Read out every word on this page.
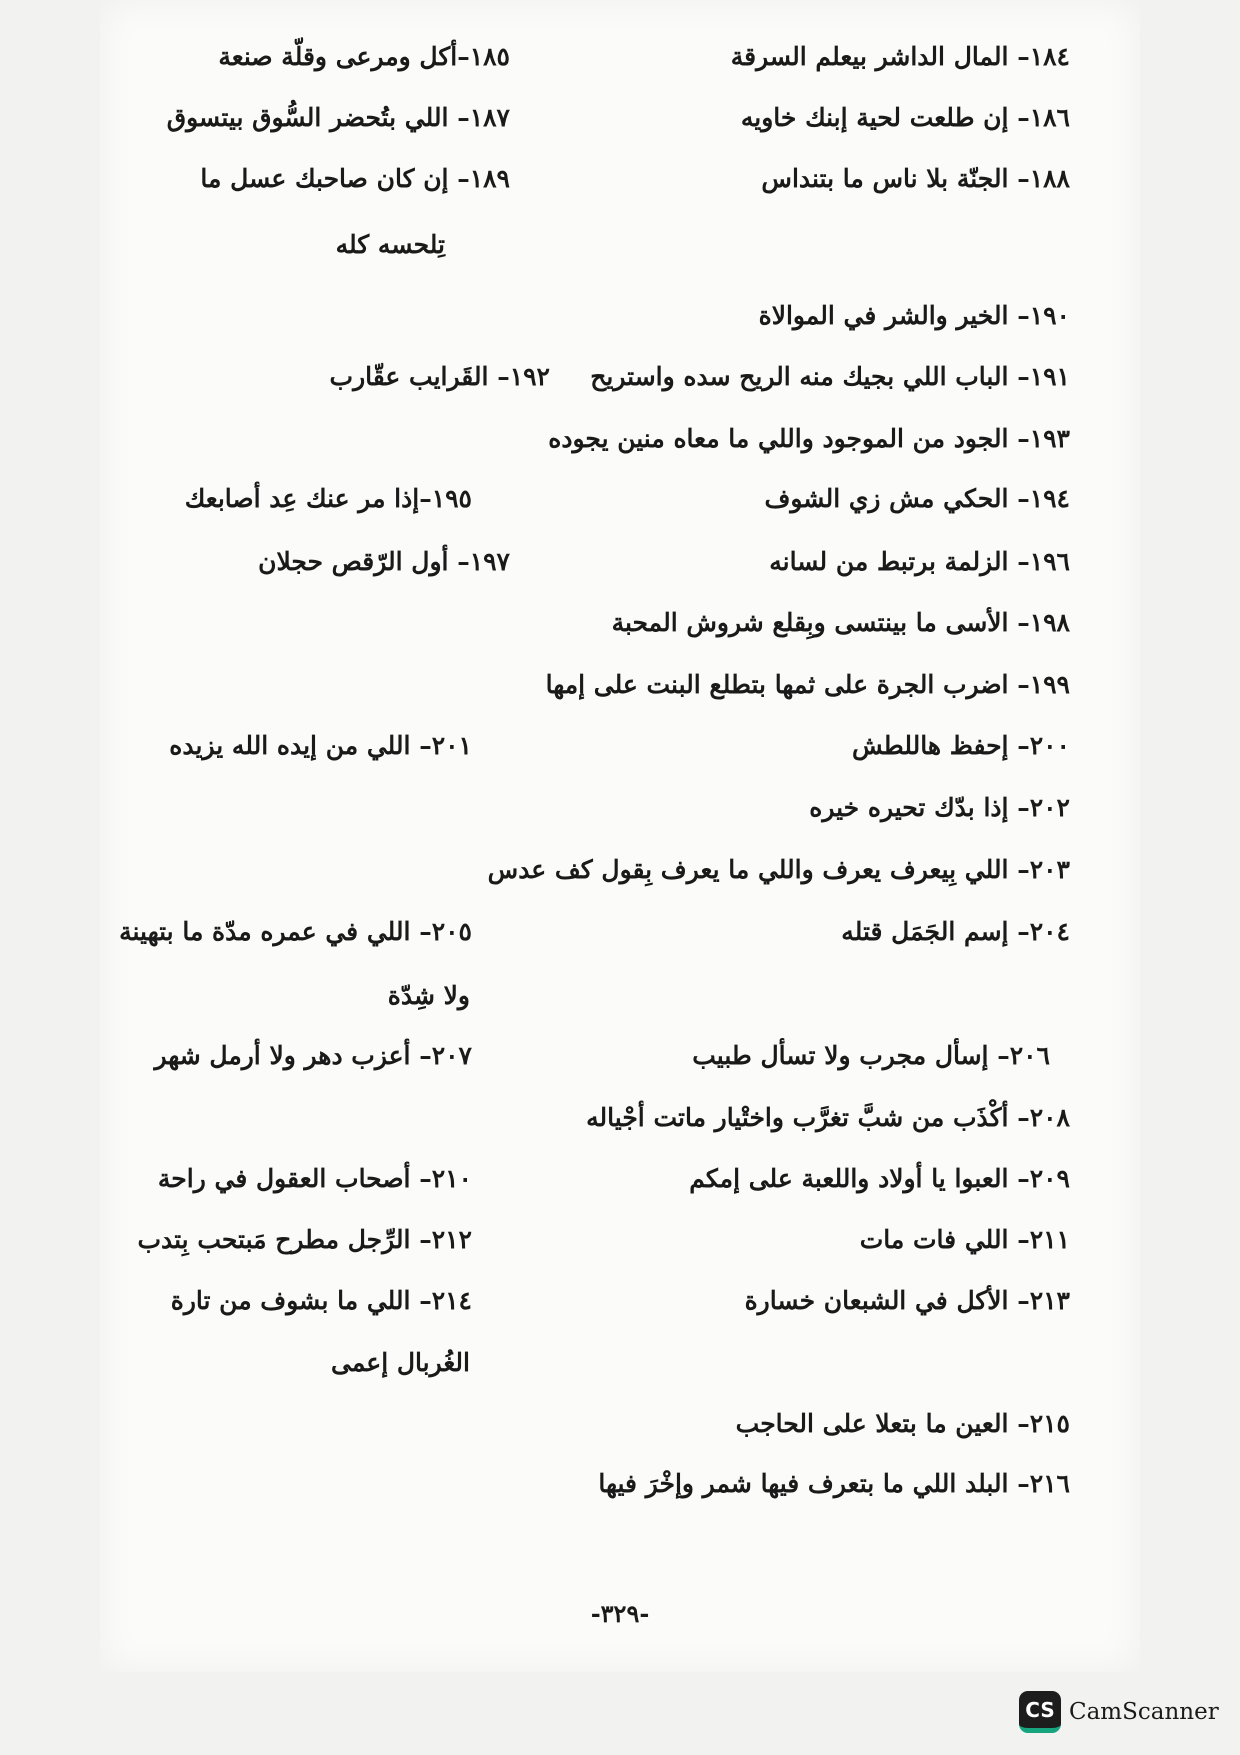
١٨٤– المال الداشر بيعلم السرقة
١٨٥–أكل ومرعى وقلّة صنعة
١٨٦– إن طلعت لحية إبنك خاويه
١٨٧– اللي بتُحضر السُّوق بيتسوق
١٨٨– الجنّة بلا ناس ما بتنداس
١٨٩– إن كان صاحبك عسل ما
تِلحسه كله
١٩٠– الخير والشر في الموالاة
١٩١– الباب اللي بجيك منه الريح سده واستريح
١٩٢– القَرايب عقّارب
١٩٣– الجود من الموجود واللي ما معاه منين يجوده
١٩٤– الحكي مش زي الشوف
١٩٥–إذا مر عنك عِد أصابعك
١٩٦– الزلمة برتبط من لسانه
١٩٧– أول الرّقص حجلان
١٩٨– الأسى ما بينتسى وبِقلع شروش المحبة
١٩٩– اضرب الجرة على ثمها بتطلع البنت على إمها
٢٠٠– إحفظ هاللطش
٢٠١– اللي من إيده الله يزيده
٢٠٢– إذا بدّك تحيره خيره
٢٠٣– اللي بِيعرف يعرف واللي ما يعرف بِقول كف عدس
٢٠٤– إسم الجَمَل قتله
٢٠٥– اللي في عمره مدّة ما بتهينة
ولا شِدّة
٢٠٦– إسأل مجرب ولا تسأل طبيب
٢٠٧– أعزب دهر ولا أرمل شهر
٢٠٨– أكْذَب من شبَّ تغرَّب واختْيار ماتت أجْياله
٢٠٩– العبوا يا أولاد واللعبة على إمكم
٢١٠– أصحاب العقول في راحة
٢١١– اللي فات مات
٢١٢– الرِّجل مطرح مَبتحب بِتدب
٢١٣– الأكل في الشبعان خسارة
٢١٤– اللي ما بشوف من تارة
الغُربال إعمى
٢١٥– العين ما بتعلا على الحاجب
٢١٦– البلد اللي ما بتعرف فيها شمر وإخْرَ فيها
-٣٢٩-
CS CamScanner
